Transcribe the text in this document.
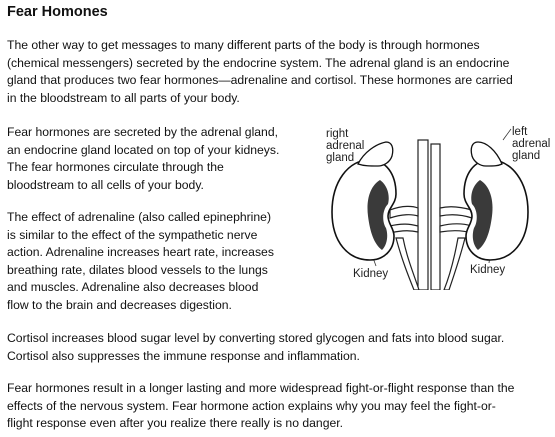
Fear Homones

The other way to get messages to many different parts of the body is through hormones
(chemical messengers) secreted by the endocrine system. The adrenal gland is an endocrine
gland that produces two fear hormones—adrenaline and cortisol. These hormones are carried
in the bloodstream to all parts of your body.

Fear hormones are secreted by the adrenal gland,
an endocrine gland located on top of your kidneys.
The fear hormones circulate through the
bloodstream to all cells of your body.

The effect of adrenaline (also called epinephrine)
is similar to the effect of the sympathetic nerve
action. Adrenaline increases heart rate, increases
breathing rate, dilates blood vessels to the lungs
and muscles. Adrenaline also decreases blood
flow to the brain and decreases digestion.

Cortisol increases blood sugar level by converting stored glycogen and fats into blood sugar.
Cortisol also suppresses the immune response and inflammation.

Fear hormones result in a longer lasting and more widespread fight-or-flight response than the
effects of the nervous system. Fear hormone action explains why you may feel the fight-or-
flight response even after you realize there really is no danger.

right adrenal gland
left adrenal gland
Kidney	Kidney
